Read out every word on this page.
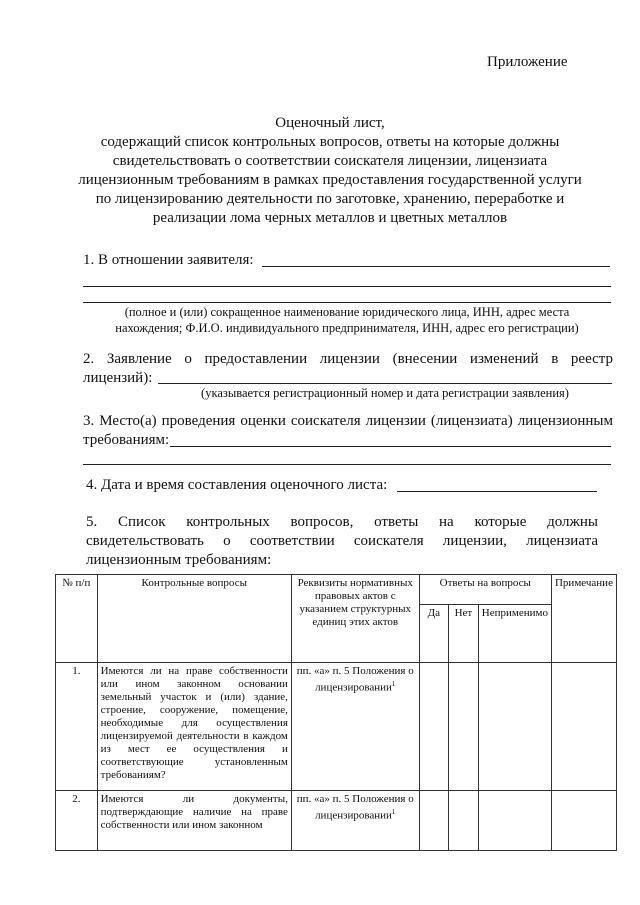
Приложение
Оценочный лист,
содержащий список контрольных вопросов, ответы на которые должны
свидетельствовать о соответствии соискателя лицензии, лицензиата
лицензионным требованиям в рамках предоставления государственной услуги
по лицензированию деятельности по заготовке, хранению, переработке и
реализации лома черных металлов и цветных металлов
1. В отношении заявителя:
(полное и (или) сокращенное наименование юридического лица, ИНН, адрес места
нахождения; Ф.И.О. индивидуального предпринимателя, ИНН, адрес его регистрации)
2. Заявление о предоставлении лицензии (внесении изменений в реестр
лицензий):
(указывается регистрационный номер и дата регистрации заявления)
3. Место(а) проведения оценки соискателя лицензии (лицензиата) лицензионным
требованиям:
4. Дата и время составления оценочного листа:
5. Список контрольных вопросов, ответы на которые должны
свидетельствовать о соответствии соискателя лицензии, лицензиата
лицензионным требованиям:
№ п/п	Контрольные вопросы	Реквизиты нормативных правовых актов с указанием структурных единиц этих актов	Ответы на вопросы			Примечание
			Да	Нет	Неприменимо	
1.	Имеются ли на праве собственности или ином законном основании земельный участок и (или) здание, строение, сооружение, помещение, необходимые для осуществления лицензируемой деятельности в каждом из мест ее осуществления и соответствующие установленным требованиям?	пп. «а» п. 5 Положения о лицензировании$^1$				
2.	Имеются ли документы, подтверждающие наличие на праве собственности или ином законном	пп. «а» п. 5 Положения о лицензировании$^1$				
